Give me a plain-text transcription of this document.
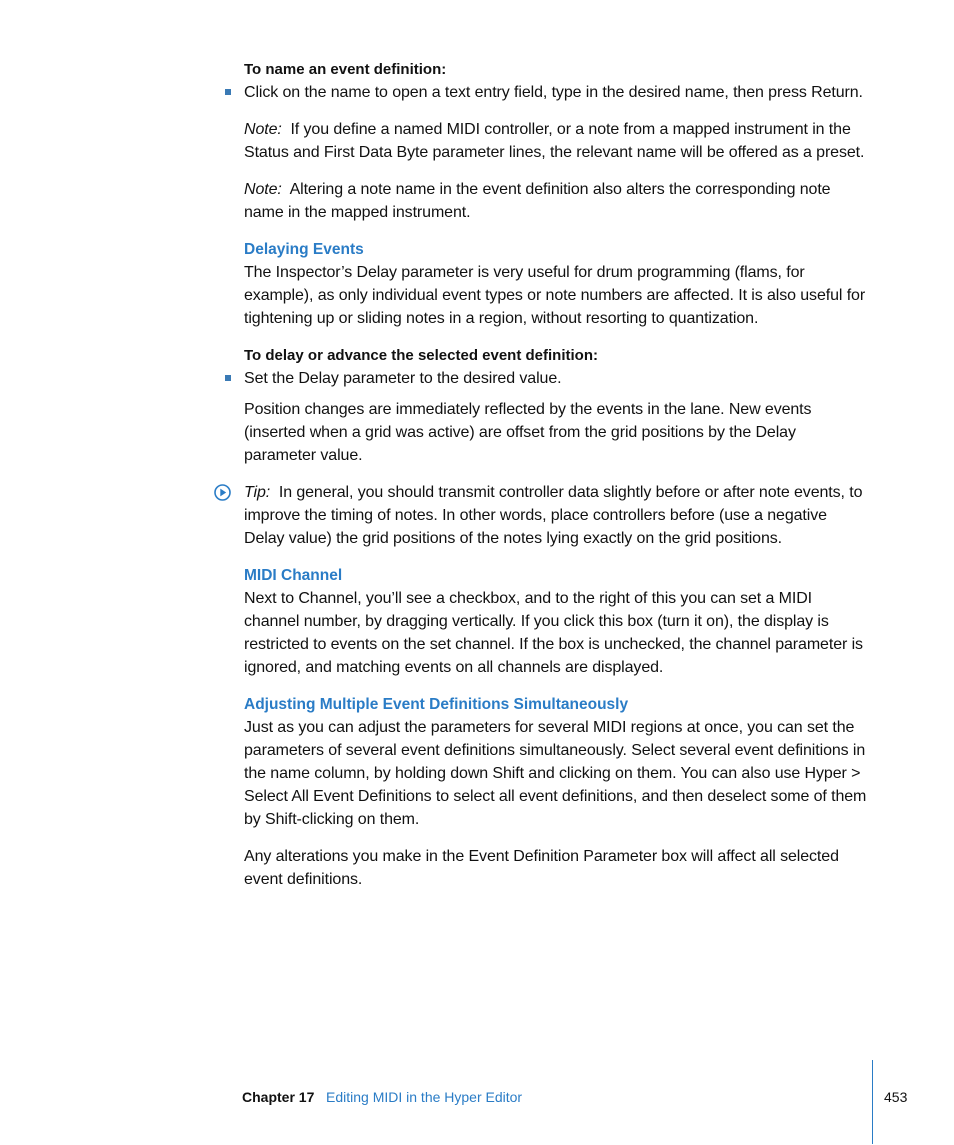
To name an event definition:

Click on the name to open a text entry field, type in the desired name, then press Return.

Note: If you define a named MIDI controller, or a note from a mapped instrument in the Status and First Data Byte parameter lines, the relevant name will be offered as a preset.

Note: Altering a note name in the event definition also alters the corresponding note name in the mapped instrument.

Delaying Events

The Inspector’s Delay parameter is very useful for drum programming (flams, for example), as only individual event types or note numbers are affected. It is also useful for tightening up or sliding notes in a region, without resorting to quantization.

To delay or advance the selected event definition:

Set the Delay parameter to the desired value.

Position changes are immediately reflected by the events in the lane. New events (inserted when a grid was active) are offset from the grid positions by the Delay parameter value.

Tip: In general, you should transmit controller data slightly before or after note events, to improve the timing of notes. In other words, place controllers before (use a negative Delay value) the grid positions of the notes lying exactly on the grid positions.

MIDI Channel

Next to Channel, you’ll see a checkbox, and to the right of this you can set a MIDI channel number, by dragging vertically. If you click this box (turn it on), the display is restricted to events on the set channel. If the box is unchecked, the channel parameter is ignored, and matching events on all channels are displayed.

Adjusting Multiple Event Definitions Simultaneously

Just as you can adjust the parameters for several MIDI regions at once, you can set the parameters of several event definitions simultaneously. Select several event definitions in the name column, by holding down Shift and clicking on them. You can also use Hyper > Select All Event Definitions to select all event definitions, and then deselect some of them by Shift-clicking on them.

Any alterations you make in the Event Definition Parameter box will affect all selected event definitions.

Chapter 17 Editing MIDI in the Hyper Editor	453
